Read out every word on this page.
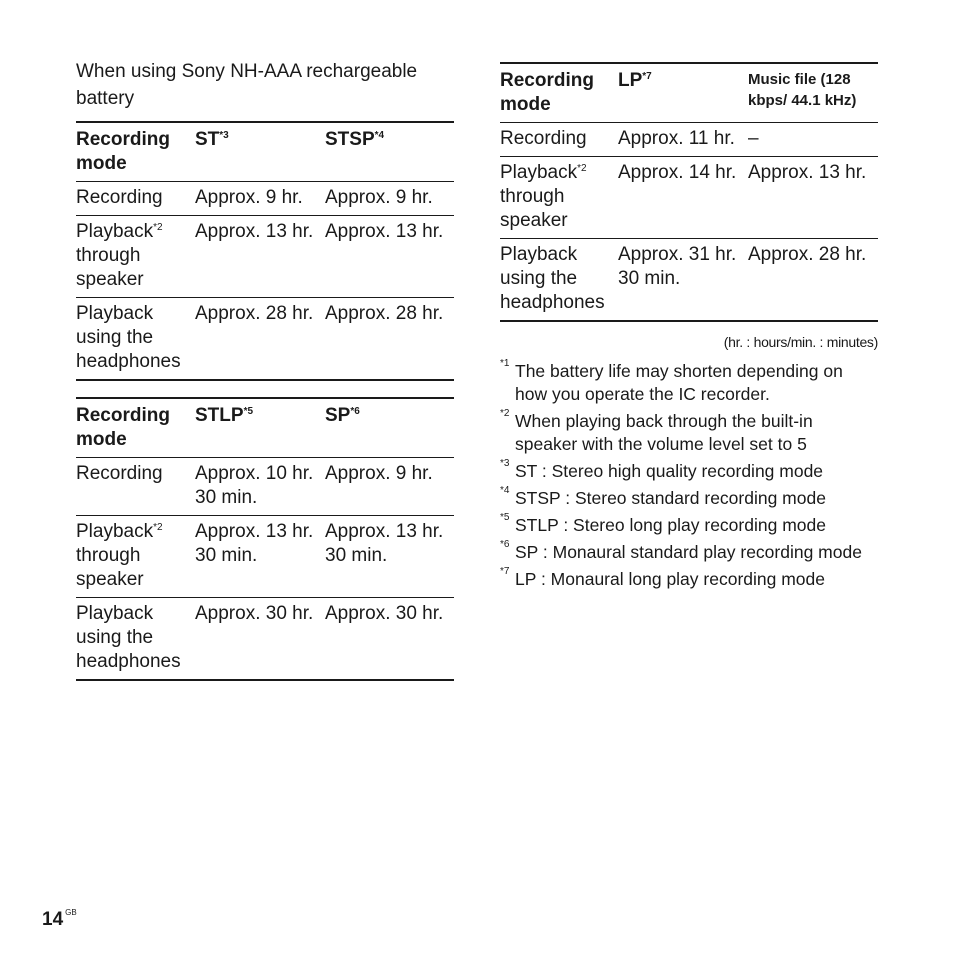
When using Sony NH-AAA rechargeable battery

Recording mode	ST$^{*3}$	STSP$^{*4}$
Recording	Approx. 9 hr.	Approx. 9 hr.
Playback$^{*2}$ through speaker	Approx. 13 hr.	Approx. 13 hr.
Playback using the headphones	Approx. 28 hr.	Approx. 28 hr.
Recording mode	STLP$^{*5}$	SP$^{*6}$
Recording	Approx. 10 hr. 30 min.	Approx. 9 hr.
Playback$^{*2}$ through speaker	Approx. 13 hr. 30 min.	Approx. 13 hr. 30 min.
Playback using the headphones	Approx. 30 hr.	Approx. 30 hr.
Recording mode	LP$^{*7}$	Music file (128 kbps/ 44.1 kHz)
Recording	Approx. 11 hr.	–
Playback$^{*2}$ through speaker	Approx. 14 hr.	Approx. 13 hr.
Playback using the headphones	Approx. 31 hr. 30 min.	Approx. 28 hr.
(hr. : hours/min. : minutes)
*1 The battery life may shorten depending on how you operate the IC recorder.
*2 When playing back through the built-in speaker with the volume level set to 5
*3 ST : Stereo high quality recording mode
*4 STSP : Stereo standard recording mode
*5 STLP : Stereo long play recording mode
*6 SP : Monaural standard play recording mode
*7 LP : Monaural long play recording mode
14 $^{GB}$
